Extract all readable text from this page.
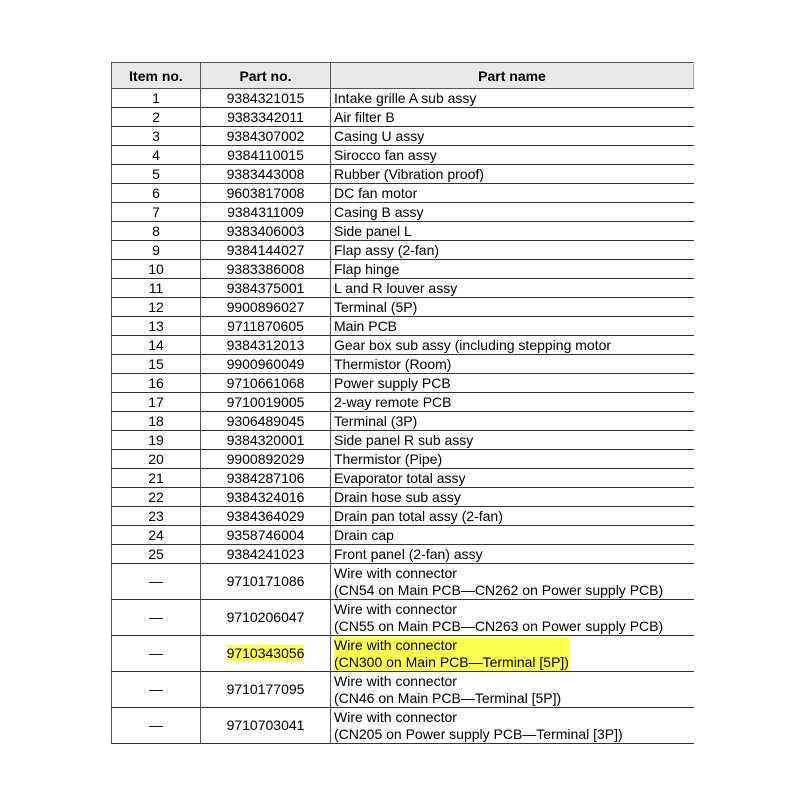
Item no.	Part no.	Part name
1	9384321015	Intake grille A sub assy

2	9383342011	Air filter B

3	9384307002	Casing U assy

4	9384110015	Sirocco fan assy

5	9383443008	Rubber (Vibration proof)

6	9603817008	DC fan motor

7	9384311009	Casing B assy

8	9383406003	Side panel L

9	9384144027	Flap assy (2-fan)

10	9383386008	Flap hinge

11	9384375001	L and R louver assy

12	9900896027	Terminal (5P)

13	9711870605	Main PCB

14	9384312013	Gear box sub assy (including stepping motor

15	9900960049	Thermistor (Room)

16	9710661068	Power supply PCB

17	9710019005	2-way remote PCB

18	9306489045	Terminal (3P)

19	9384320001	Side panel R sub assy

20	9900892029	Thermistor (Pipe)

21	9384287106	Evaporator total assy

22	9384324016	Drain hose sub assy

23	9384364029	Drain pan total assy (2-fan)

24	9358746004	Drain cap

25	9384241023	Front panel (2-fan) assy

—	9710171086	Wire with connector
(CN54 on Main PCB—CN262 on Power supply PCB)

—	9710206047	Wire with connector
(CN55 on Main PCB—CN263 on Power supply PCB)

—	9710343056	Wire with connector
(CN300 on Main PCB—Terminal [5P])

—	9710177095	Wire with connector
(CN46 on Main PCB—Terminal [5P])

—	9710703041	Wire with connector
(CN205 on Power supply PCB—Terminal [3P])
